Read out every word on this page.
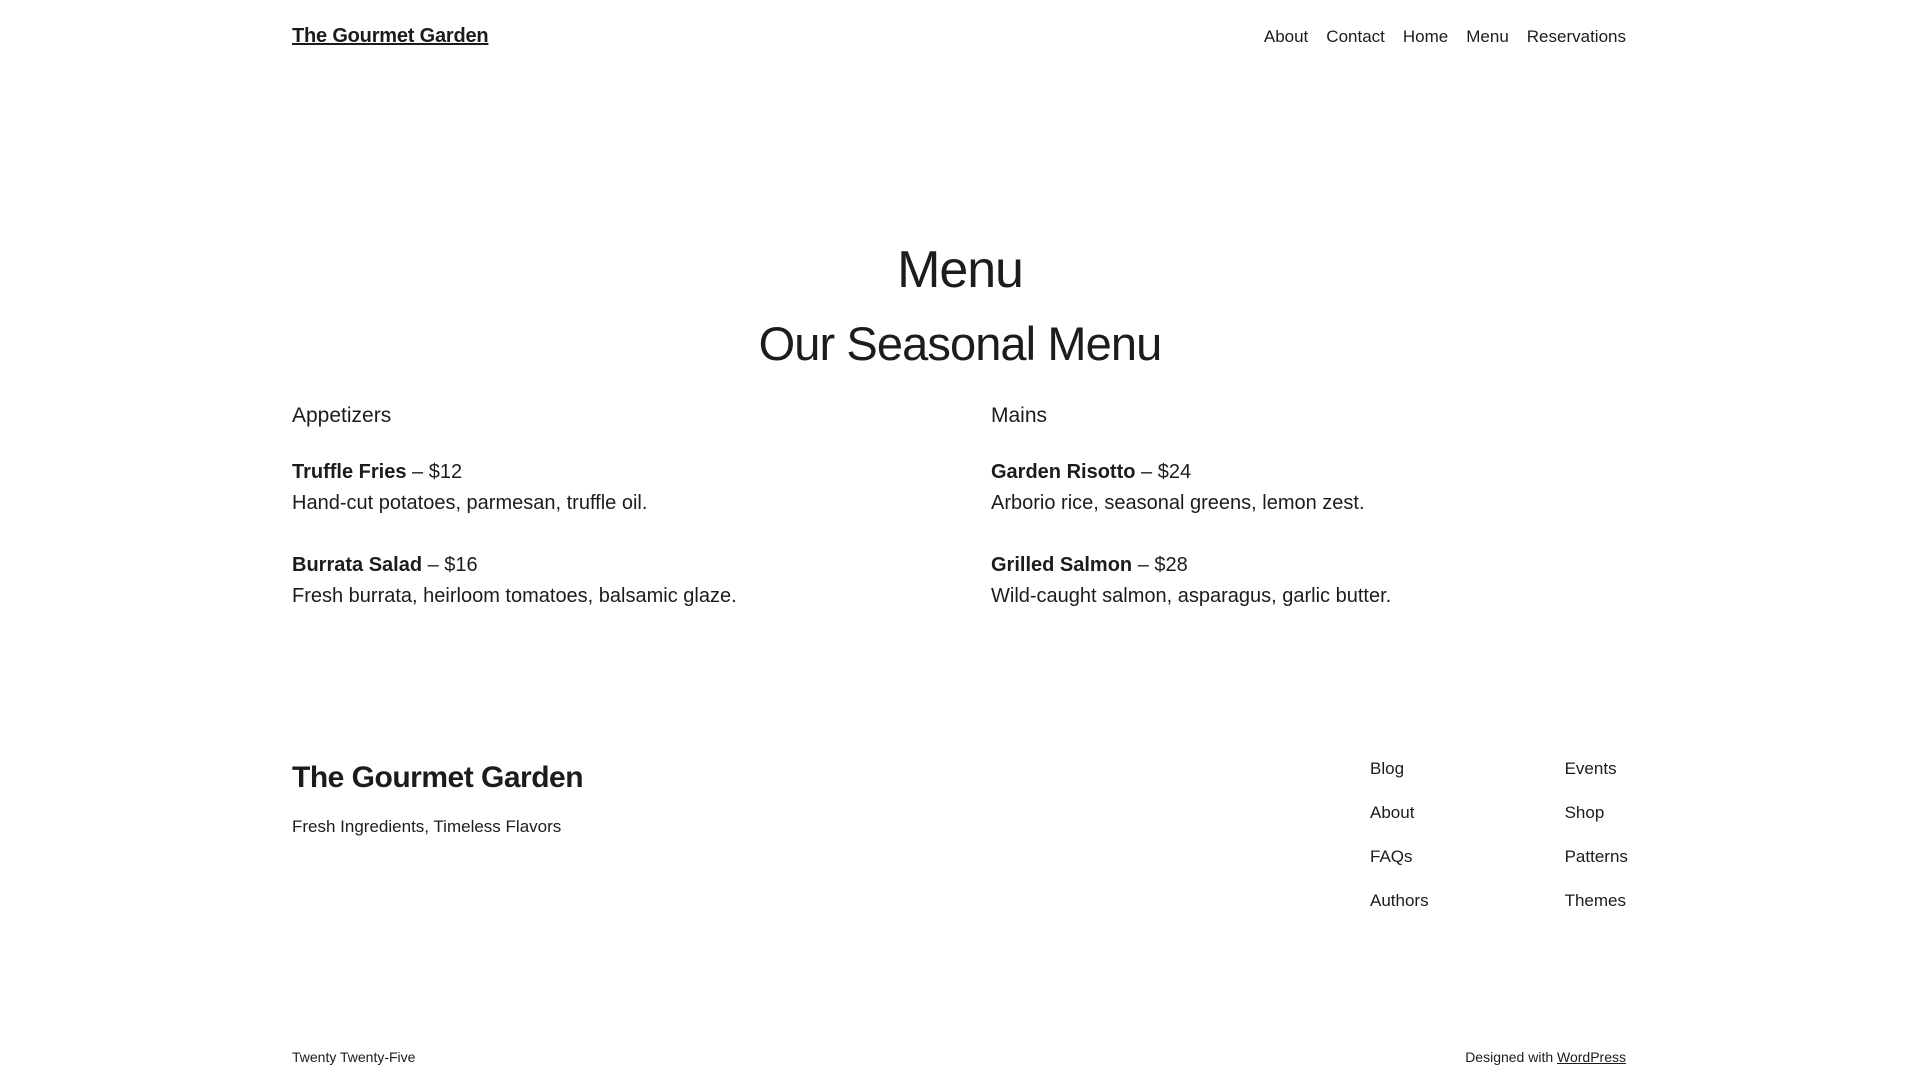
The Gourmet Garden	About Contact Home Menu Reservations
Menu
Our Seasonal Menu
Appetizers

Truffle Fries – $12

Hand-cut potatoes, parmesan, truffle oil.

Burrata Salad – $16

Fresh burrata, heirloom tomatoes, balsamic glaze.

Mains

Garden Risotto – $24

Arborio rice, seasonal greens, lemon zest.

Grilled Salmon – $28

Wild-caught salmon, asparagus, garlic butter.

The Gourmet Garden

Fresh Ingredients, Timeless Flavors

Blog
About
FAQs
Authors
Events
Shop
Patterns
Themes
Twenty Twenty-Five	Designed with WordPress
